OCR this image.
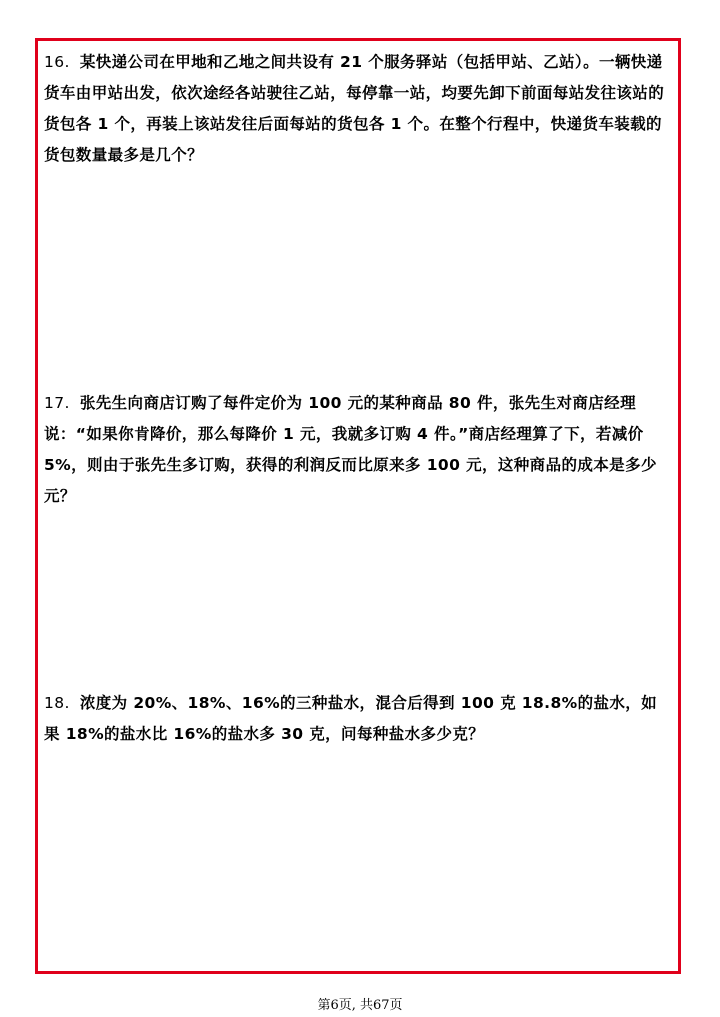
16. 某快递公司在甲地和乙地之间共设有 21 个服务驿站（包括甲站、乙站）。一辆快递货车由甲站出发，依次途经各站驶往乙站，每停靠一站，均要先卸下前面每站发往该站的货包各 1 个，再装上该站发往后面每站的货包各 1 个。在整个行程中，快递货车装载的货包数量最多是几个？

17. 张先生向商店订购了每件定价为 100 元的某种商品 80 件，张先生对商店经理说：“如果你肯降价，那么每降价 1 元，我就多订购 4 件。”商店经理算了下，若减价 5%，则由于张先生多订购，获得的利润反而比原来多 100 元，这种商品的成本是多少元？

18. 浓度为 20%、18%、16%的三种盐水，混合后得到 100 克 18.8%的盐水，如果 18%的盐水比 16%的盐水多 30 克，问每种盐水多少克？

第6页, 共67页
